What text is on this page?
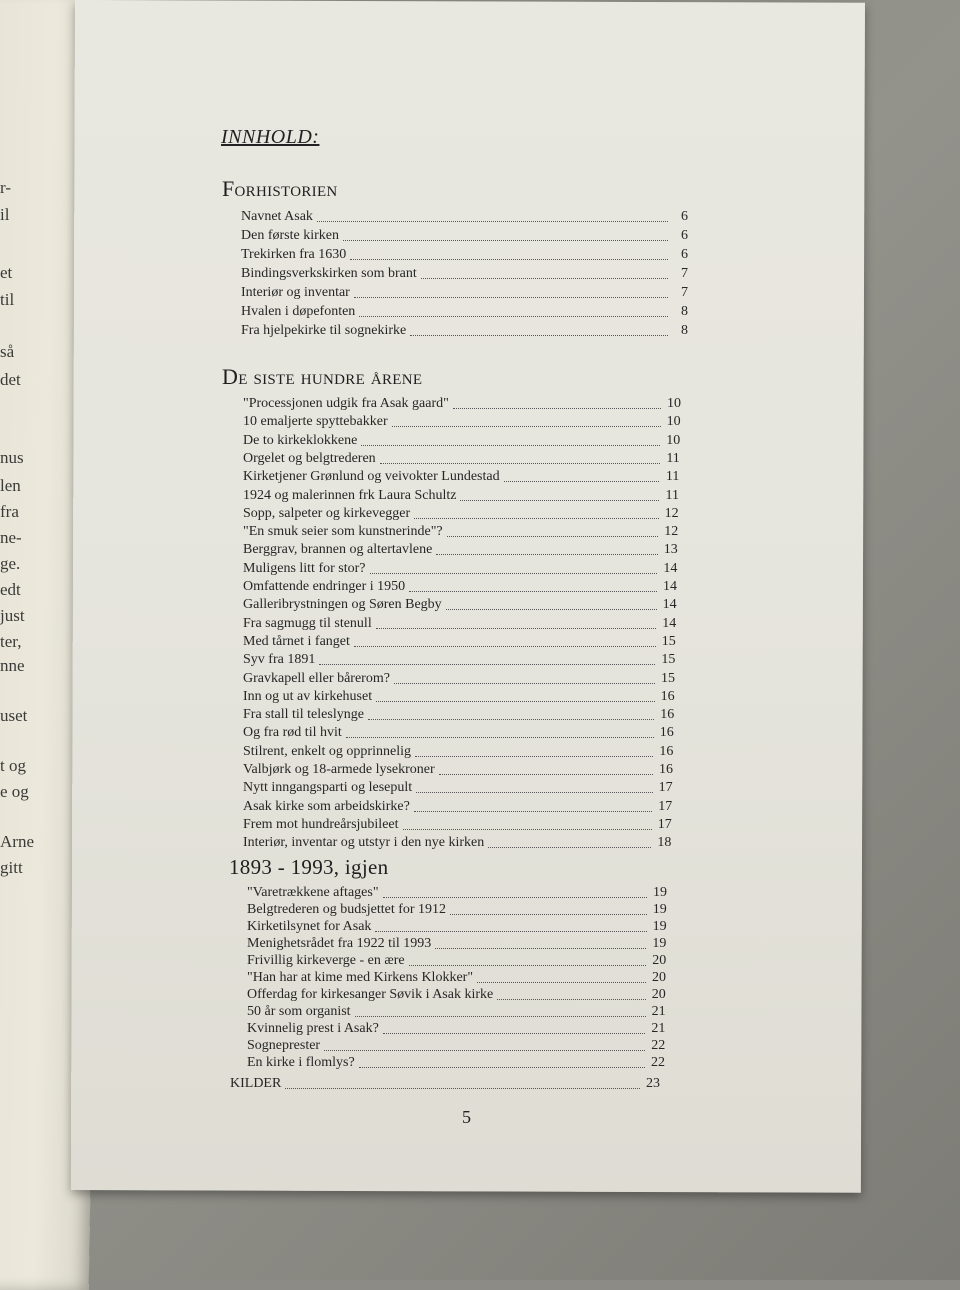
r-
il
et
til
så
det
nus
len
fra
ne-
ge.
edt
just
ter,
nne
uset
t og
e og
Arne
gitt
INNHOLD:
5
Forhistorien
Navnet Asak	6
Den første kirken	6
Trekirken fra 1630	6
Bindingsverkskirken som brant	7
Interiør og inventar	7
Hvalen i døpefonten	8
Fra hjelpekirke til sognekirke	8
De siste hundre årene
"Processjonen udgik fra Asak gaard"	10
10 emaljerte spyttebakker	10
De to kirkeklokkene	10
Orgelet og belgtrederen	11
Kirketjener Grønlund og veivokter Lundestad	11
1924 og malerinnen frk Laura Schultz	11
Sopp, salpeter og kirkevegger	12
"En smuk seier som kunstnerinde"?	12
Berggrav, brannen og altertavlene	13
Muligens litt for stor?	14
Omfattende endringer i 1950	14
Galleribrystningen og Søren Begby	14
Fra sagmugg til stenull	14
Med tårnet i fanget	15
Syv fra 1891	15
Gravkapell eller bårerom?	15
Inn og ut av kirkehuset	16
Fra stall til teleslynge	16
Og fra rød til hvit	16
Stilrent, enkelt og opprinnelig	16
Valbjørk og 18-armede lysekroner	16
Nytt inngangsparti og lesepult	17
Asak kirke som arbeidskirke?	17
Frem mot hundreårsjubileet	17
Interiør, inventar og utstyr i den nye kirken	18
1893 - 1993, igjen
"Varetrækkene aftages"	19
Belgtrederen og budsjettet for 1912	19
Kirketilsynet for Asak	19
Menighetsrådet fra 1922 til 1993	19
Frivillig kirkeverge - en ære	20
"Han har at kime med Kirkens Klokker"	20
Offerdag for kirkesanger Søvik i Asak kirke	20
50 år som organist	21
Kvinnelig prest i Asak?	21
Sogneprester	22
En kirke i flomlys?	22
KILDER	23
